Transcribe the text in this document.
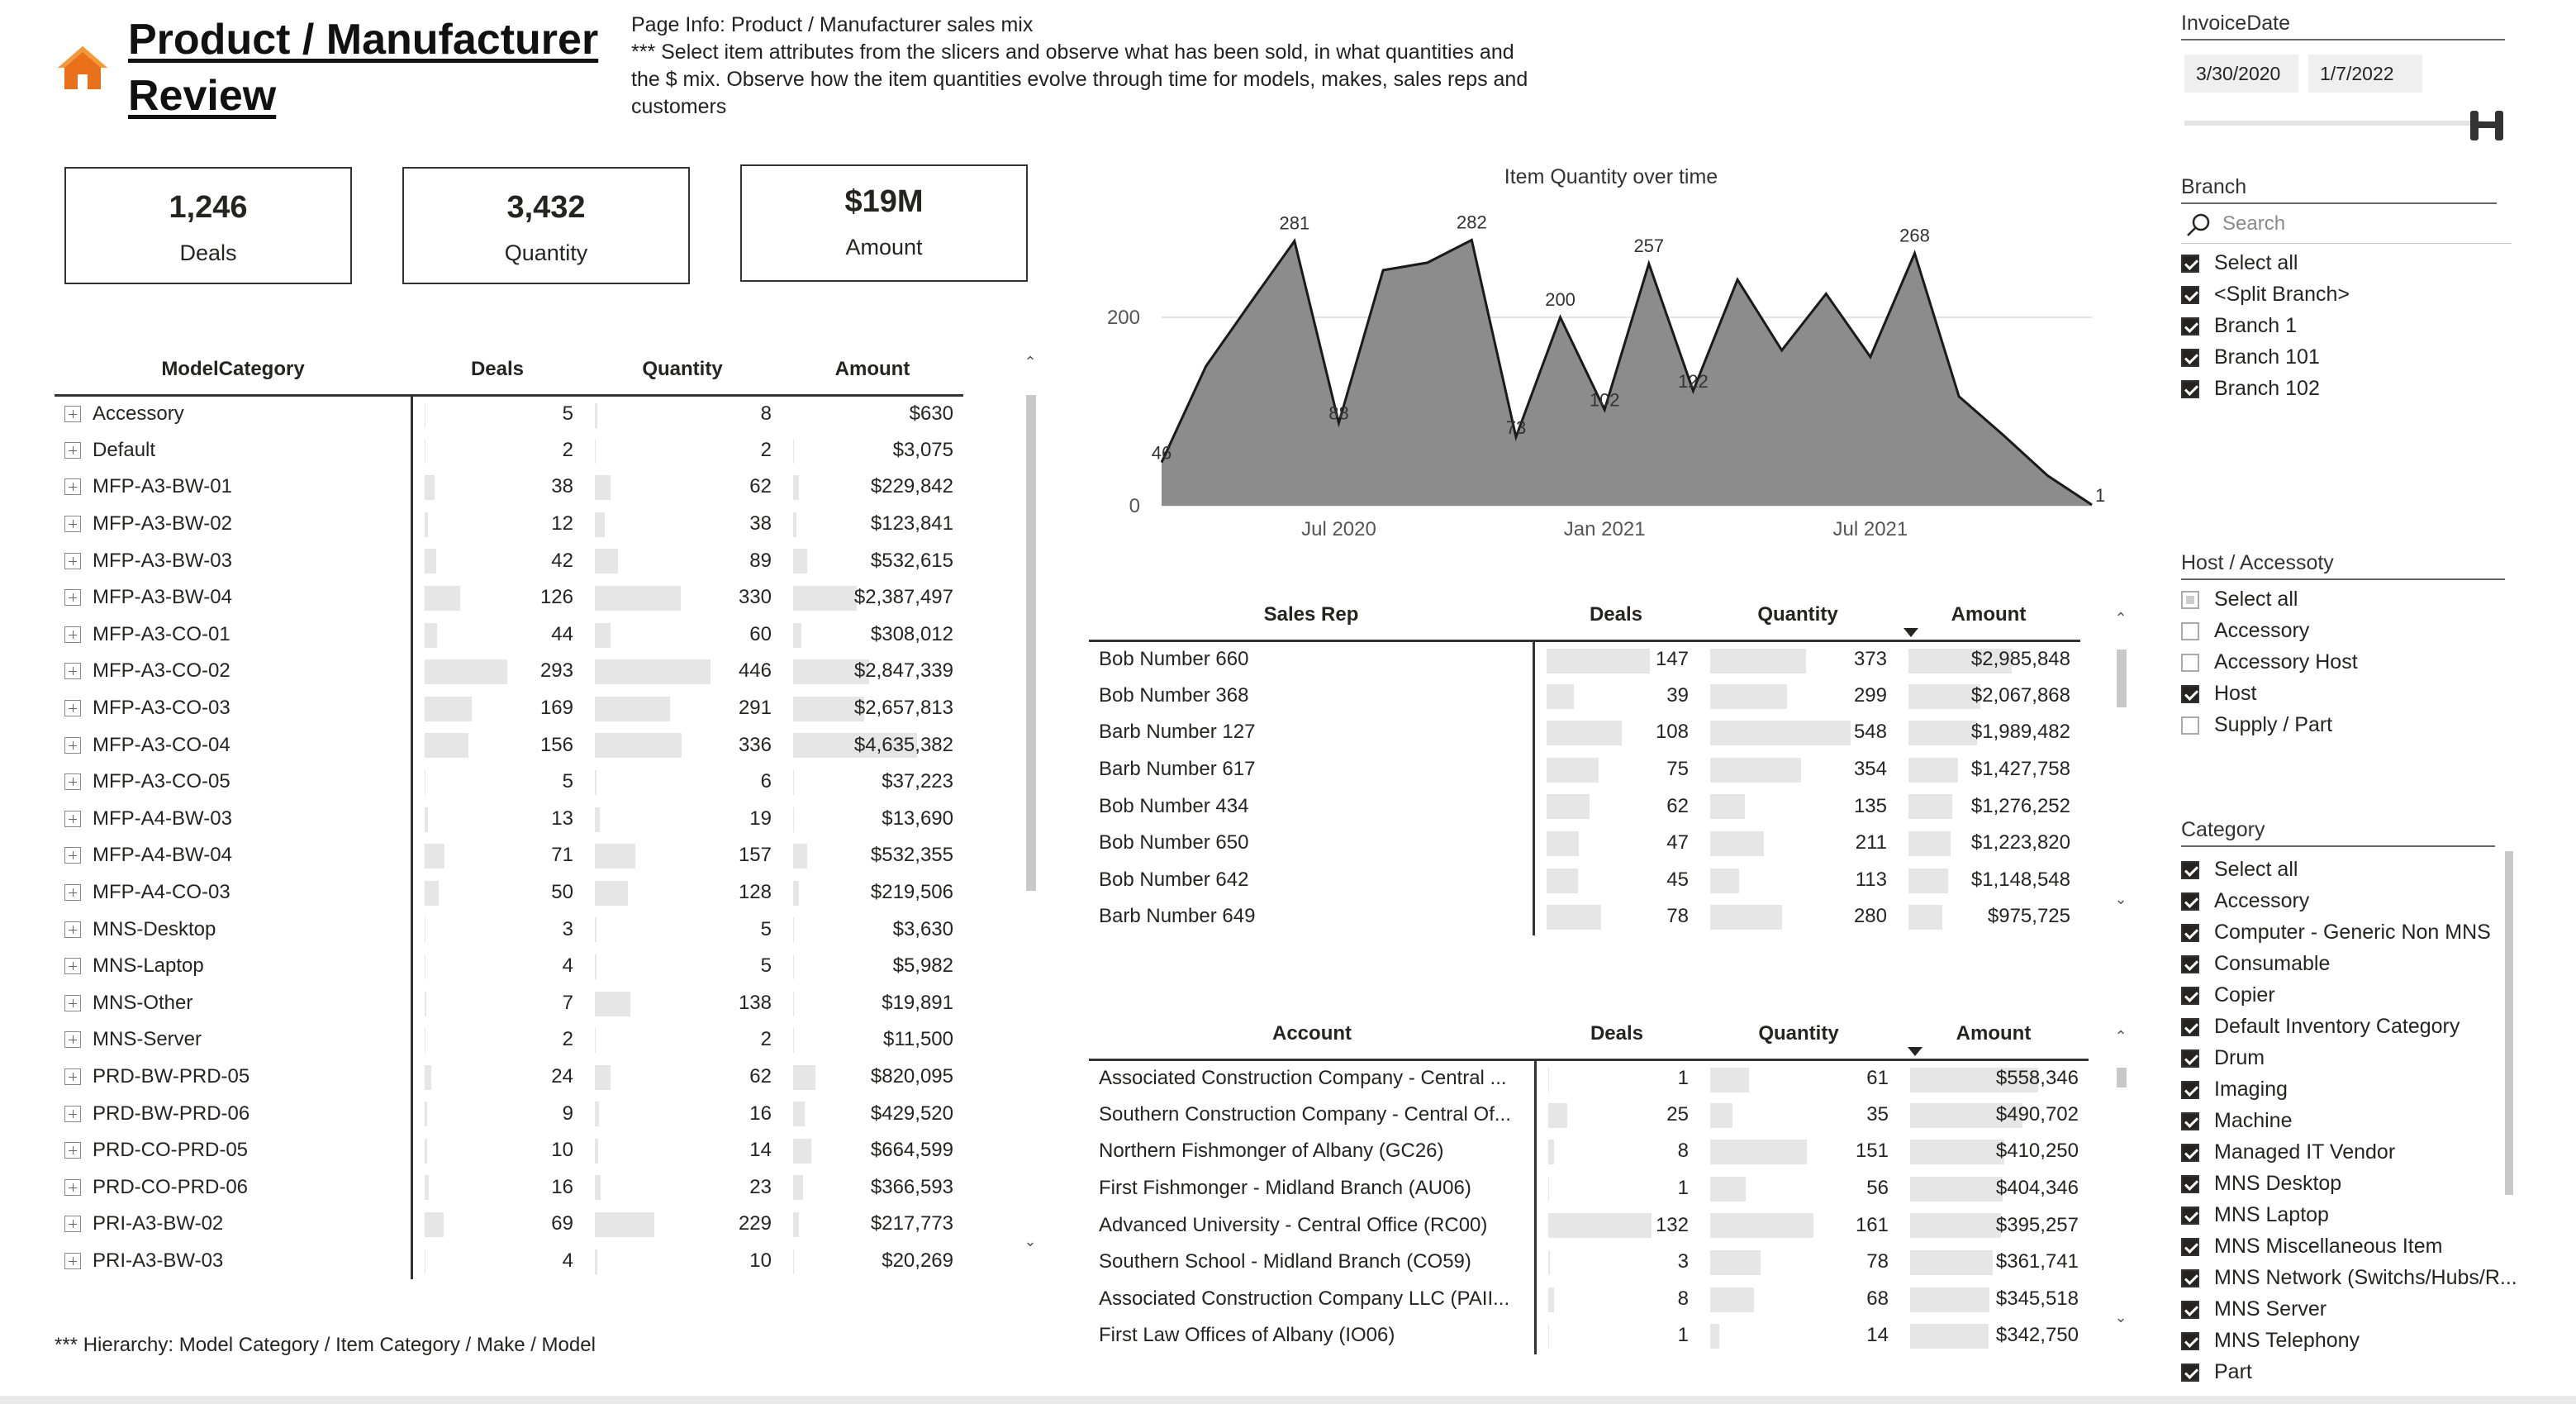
Product / Manufacturer Review
Page Info: Product / Manufacturer sales mix
*** Select item attributes from the slicers and observe what has been sold, in what quantities and the $ mix. Observe how the item quantities evolve through time for models, makes, sales reps and customers
1,246
Deals
3,432
Quantity
$19M
Amount
ModelCategory	Deals	Quantity	Amount
Accessory	5	8	$630
Default	2	2	$3,075
MFP-A3-BW-01	38	62	$229,842
MFP-A3-BW-02	12	38	$123,841
MFP-A3-BW-03	42	89	$532,615
MFP-A3-BW-04	126	330	$2,387,497
MFP-A3-CO-01	44	60	$308,012
MFP-A3-CO-02	293	446	$2,847,339
MFP-A3-CO-03	169	291	$2,657,813
MFP-A3-CO-04	156	336	$4,635,382
MFP-A3-CO-05	5	6	$37,223
MFP-A4-BW-03	13	19	$13,690
MFP-A4-BW-04	71	157	$532,355
MFP-A4-CO-03	50	128	$219,506
MNS-Desktop	3	5	$3,630
MNS-Laptop	4	5	$5,982
MNS-Other	7	138	$19,891
MNS-Server	2	2	$11,500
PRD-BW-PRD-05	24	62	$820,095
PRD-BW-PRD-06	9	16	$429,520
PRD-CO-PRD-05	10	14	$664,599
PRD-CO-PRD-06	16	23	$366,593
PRI-A3-BW-02	69	229	$217,773
PRI-A3-BW-03	4	10	$20,269
⌃
⌄
*** Hierarchy: Model Category / Item Category / Make / Model
Item Quantity over time
46
281
88
282
73
200
102
257
122
268
1
0
200
Jul 2020	Jan 2021	Jul 2021
Sales Rep	Deals	Quantity	Amount
Bob Number 660	147	373	$2,985,848
Bob Number 368	39	299	$2,067,868
Barb Number 127	108	548	$1,989,482
Barb Number 617	75	354	$1,427,758
Bob Number 434	62	135	$1,276,252
Bob Number 650	47	211	$1,223,820
Bob Number 642	45	113	$1,148,548
Barb Number 649	78	280	$975,725
⌃
⌄
Account	Deals	Quantity	Amount
Associated Construction Company - Central ...	1	61	$558,346
Southern Construction Company - Central Of...	25	35	$490,702
Northern Fishmonger of Albany (GC26)	8	151	$410,250
First Fishmonger - Midland Branch (AU06)	1	56	$404,346
Advanced University - Central Office (RC00)	132	161	$395,257
Southern School - Midland Branch (CO59)	3	78	$361,741
Associated Construction Company LLC (PAII...	8	68	$345,518
First Law Offices of Albany (IO06)	1	14	$342,750
⌃
⌄
InvoiceDate
3/30/2020	1/7/2022
Branch
Search
Select all
<Split Branch>
Branch 1
Branch 101
Branch 102
Host / Accessoty
Select all
Accessory
Accessory Host
Host
Supply / Part
Category
Select all
Accessory
Computer - Generic Non MNS
Consumable
Copier
Default Inventory Category
Drum
Imaging
Machine
Managed IT Vendor
MNS Desktop
MNS Laptop
MNS Miscellaneous Item
MNS Network (Switchs/Hubs/R...
MNS Server
MNS Telephony
Part
